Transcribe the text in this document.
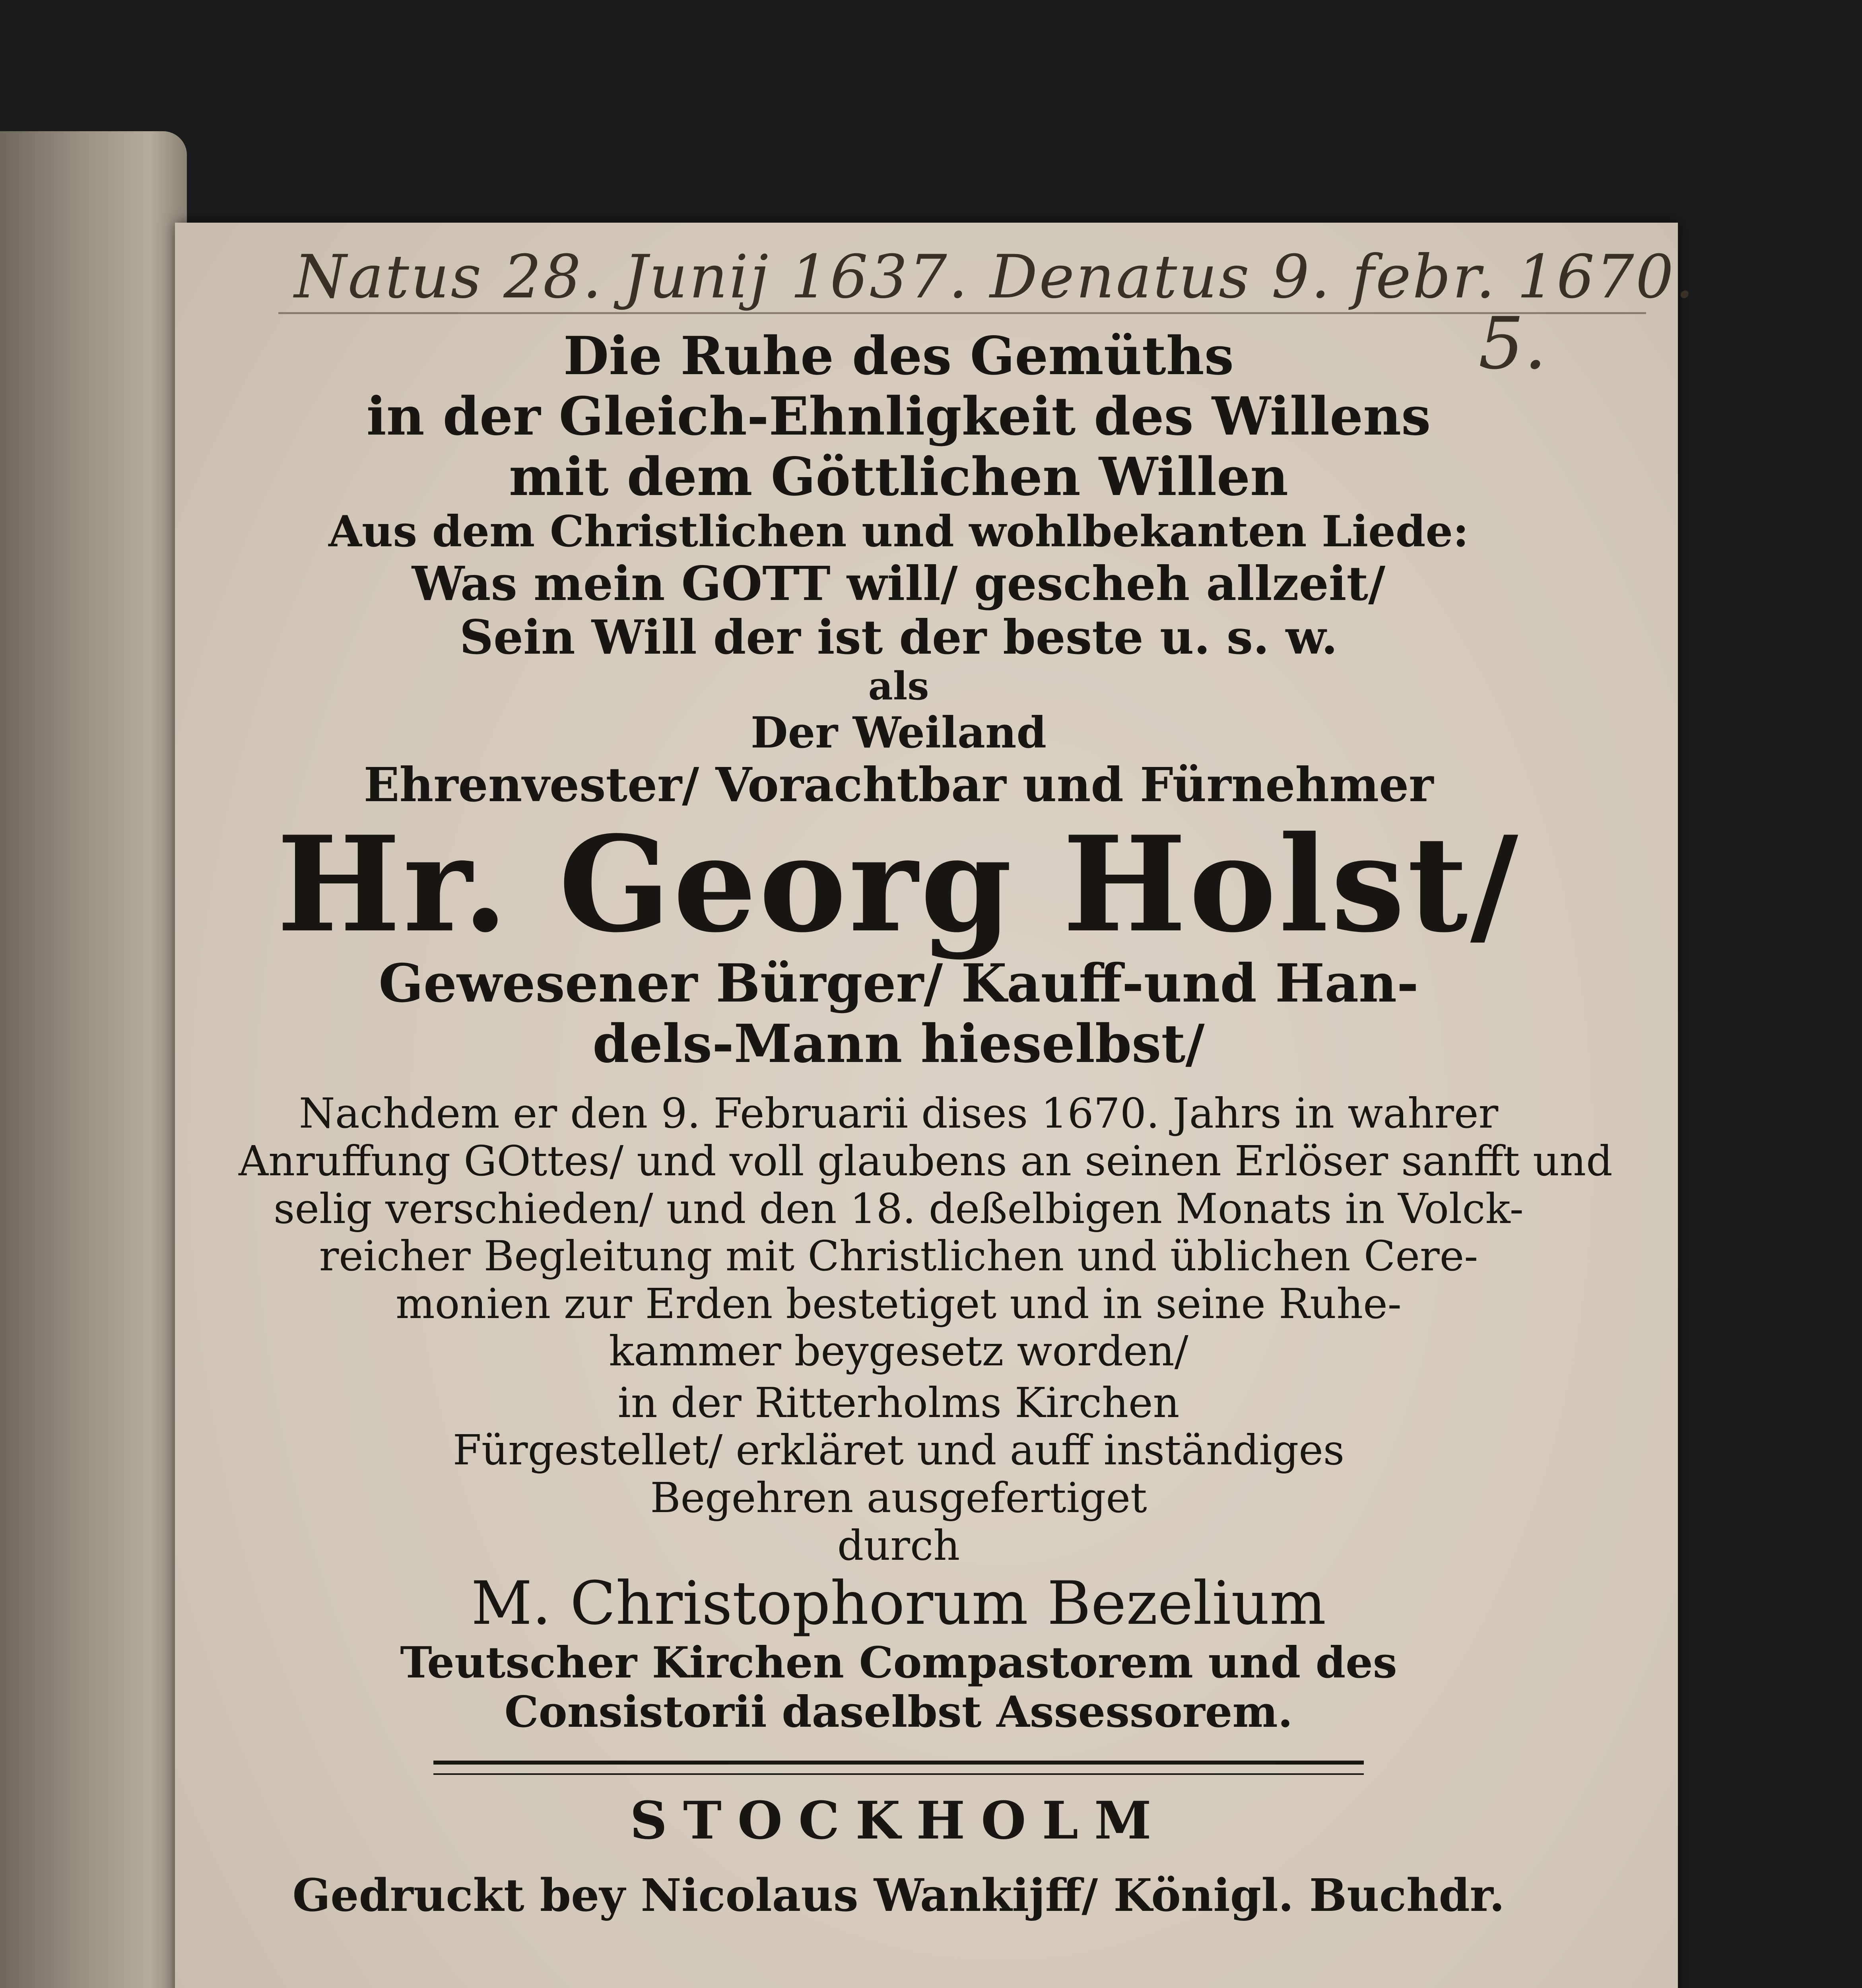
Natus 28. Junij 1637. Denatus 9. febr. 1670.
5.
Die Ruhe des Gemüths
in der Gleich-Ehnligkeit des Willens
mit dem Göttlichen Willen
Aus dem Christlichen und wohlbekanten Liede:
Was mein GOTT will/ gescheh allzeit/
Sein Will der ist der beste u. s. w.
als
Der Weiland
Ehrenvester/ Vorachtbar und Fürnehmer
Hr. Georg Holst/
Gewesener Bürger/ Kauff-und Han-
dels-Mann hieselbst/
Nachdem er den 9. Februarii dises 1670. Jahrs in wahrer
Anruffung GOttes/ und voll glaubens an seinen Erlöser sanfft und
selig verschieden/ und den 18. deßelbigen Monats in Volck-
reicher Begleitung mit Christlichen und üblichen Cere-
monien zur Erden bestetiget und in seine Ruhe-
kammer beygesetz worden/
in der Ritterholms Kirchen
Fürgestellet/ erkläret und auff inständiges
Begehren ausgefertiget
durch
M. Christophorum Bezelium
Teutscher Kirchen Compastorem und des
Consistorii daselbst Assessorem.
STOCKHOLM
Gedruckt bey Nicolaus Wankijff/ Königl. Buchdr.
